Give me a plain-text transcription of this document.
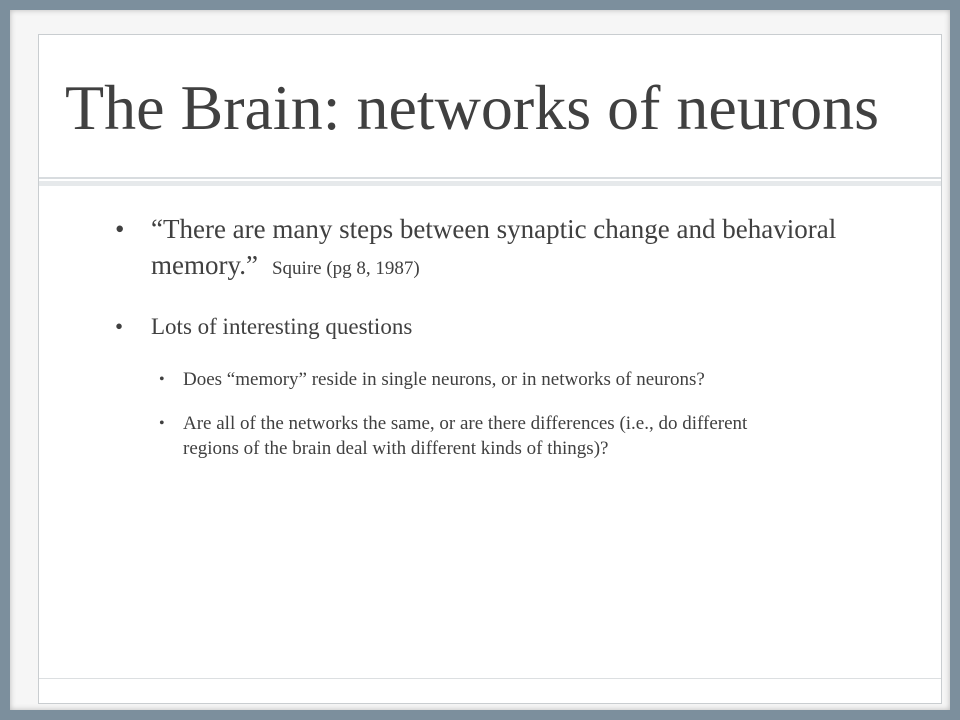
The Brain: networks of neurons

• “There are many steps between synaptic change and behavioral memory.” Squire (pg 8, 1987)

• Lots of interesting questions

• Does “memory” reside in single neurons, or in networks of neurons?

• Are all of the networks the same, or are there differences (i.e., do different regions of the brain deal with different kinds of things)?
